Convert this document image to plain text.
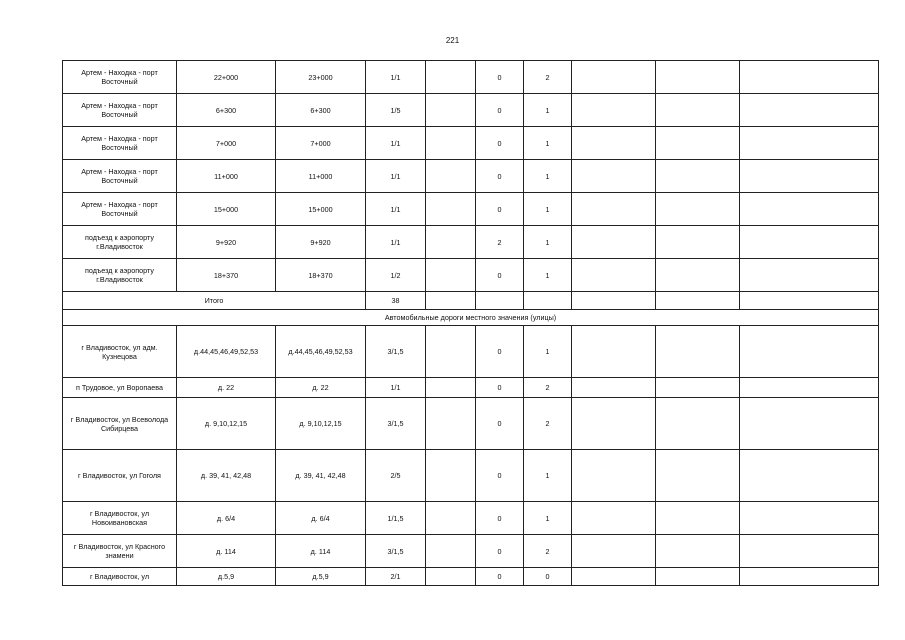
221
Артем - Находка - порт Восточный	22+000	23+000	1/1		0	2			
Артем - Находка - порт Восточный	6+300	6+300	1/5		0	1			
Артем - Находка - порт Восточный	7+000	7+000	1/1		0	1			
Артем - Находка - порт Восточный	11+000	11+000	1/1		0	1			
Артем - Находка - порт Восточный	15+000	15+000	1/1		0	1			
подъезд к аэропорту г.Владивосток	9+920	9+920	1/1		2	1			
подъезд к аэропорту г.Владивосток	18+370	18+370	1/2		0	1			
Итого			38						
Автомобильные дороги местного значения (улицы)									
г Владивосток, ул адм. Кузнецова	д.44,45,46,49,52,53	д.44,45,46,49,52,53	3/1,5		0	1			
п Трудовое, ул Воропаева	д. 22	д. 22	1/1		0	2			
г Владивосток, ул Всеволода Сибирцева	д. 9,10,12,15	д. 9,10,12,15	3/1,5		0	2			
г Владивосток, ул Гоголя	д. 39, 41, 42,48	д. 39, 41, 42,48	2/5		0	1			
г Владивосток, ул Новоивановская	д. 6/4	д. 6/4	1/1,5		0	1			
г Владивосток, ул Красного знамени	д. 114	д. 114	3/1,5		0	2			
г Владивосток, ул	д.5,9	д.5,9	2/1		0	0			
